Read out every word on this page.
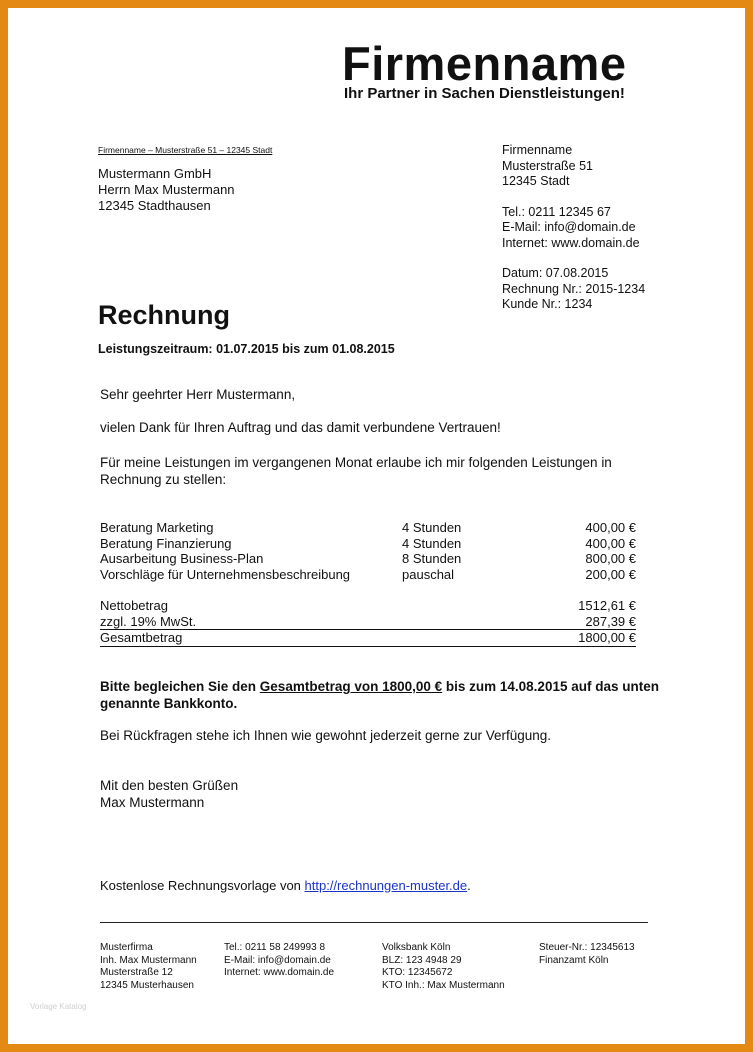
Firmenname
Ihr Partner in Sachen Dienstleistungen!
Firmenname – Musterstraße 51 – 12345 Stadt
Mustermann GmbH
Herrn Max Mustermann
12345 Stadthausen
Firmenname
Musterstraße 51
12345 Stadt
Tel.: 0211 12345 67
E-Mail: info@domain.de
Internet: www.domain.de
Datum: 07.08.2015
Rechnung Nr.: 2015-1234
Kunde Nr.: 1234
Rechnung
Leistungszeitraum: 01.07.2015 bis zum 01.08.2015
Sehr geehrter Herr Mustermann,
vielen Dank für Ihren Auftrag und das damit verbundene Vertrauen!
Für meine Leistungen im vergangenen Monat erlaube ich mir folgenden Leistungen in Rechnung zu stellen:
Beratung Marketing	4 Stunden	400,00 €
Beratung Finanzierung	4 Stunden	400,00 €
Ausarbeitung Business-Plan	8 Stunden	800,00 €
Vorschläge für Unternehmensbeschreibung	pauschal	200,00 €
Nettobetrag	1512,61 €
zzgl. 19% MwSt.	287,39 €
Gesamtbetrag	1800,00 €
Bitte begleichen Sie den Gesamtbetrag von 1800,00 € bis zum 14.08.2015 auf das unten genannte Bankkonto.
Bei Rückfragen stehe ich Ihnen wie gewohnt jederzeit gerne zur Verfügung.
Mit den besten Grüßen
Max Mustermann
Kostenlose Rechnungsvorlage von http://rechnungen-muster.de.
Musterfirma
Inh. Max Mustermann
Musterstraße 12
12345 Musterhausen
Tel.: 0211 58 249993 8
E-Mail: info@domain.de
Internet: www.domain.de
Volksbank Köln
BLZ: 123 4948 29
KTO: 12345672
KTO Inh.: Max Mustermann
Steuer-Nr.: 12345613
Finanzamt Köln
Vorlage Katalog
